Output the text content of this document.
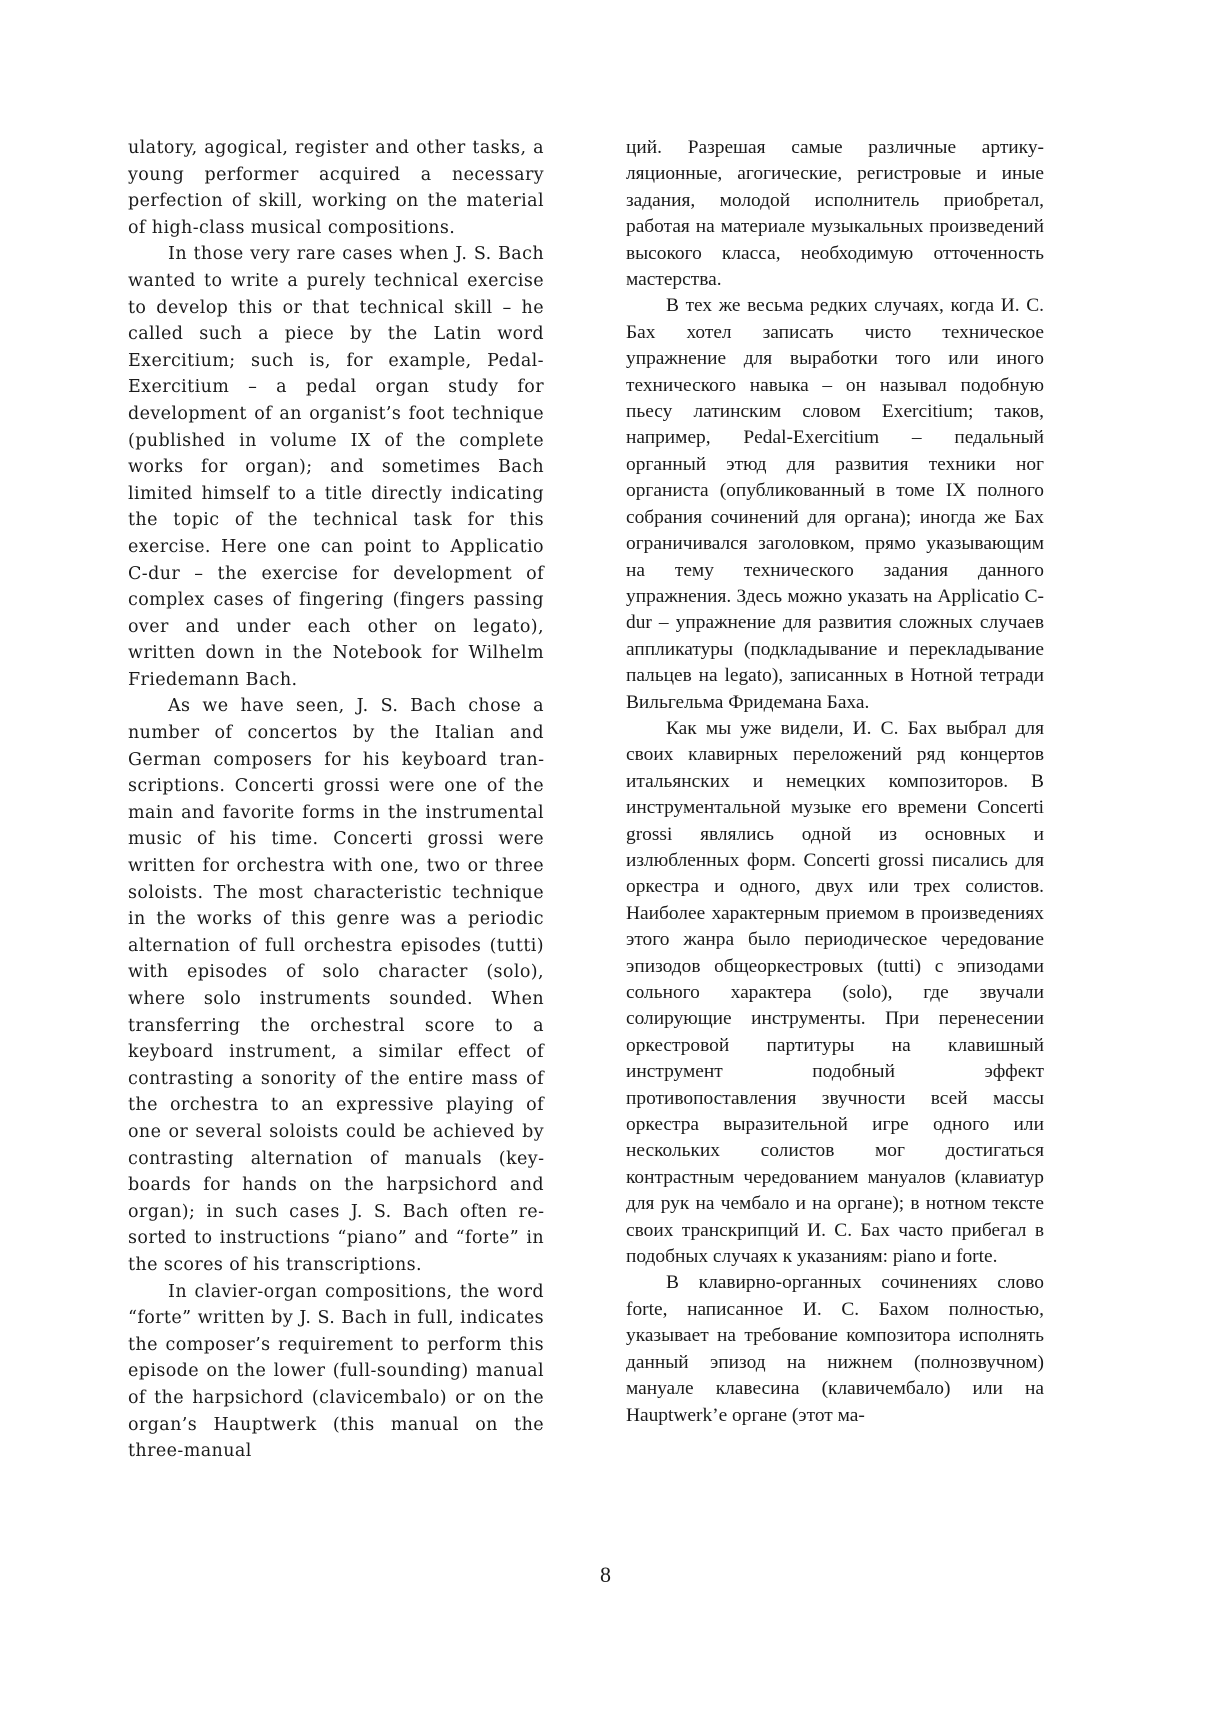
ulatory, agogical, register and other tasks, a young performer acquired a necessary perfection of skill, working on the material of high-class musical compositions.

In those very rare cases when J. S. Bach wanted to write a purely technical exercise to develop this or that technical skill – he called such a piece by the Latin word Exercitium; such is, for example, Pedal-Exercitium – a pedal organ study for development of an organist’s foot technique (published in volume IX of the complete works for organ); and sometimes Bach limited himself to a title directly indicating the topic of the technical task for this exercise. Here one can point to Applicatio C-dur – the exercise for development of complex cases of fingering (fingers passing over and under each other on legato), written down in the Notebook for Wilhelm Friedemann Bach.

As we have seen, J. S. Bach chose a number of concertos by the Italian and German composers for his keyboard transcriptions. Concerti grossi were one of the main and favorite forms in the instrumental music of his time. Concerti grossi were written for orchestra with one, two or three soloists. The most characteristic technique in the works of this genre was a periodic alternation of full orchestra episodes (tutti) with episodes of solo character (solo), where solo instruments sounded. When transferring the orchestral score to a keyboard instrument, a similar effect of contrasting a sonority of the entire mass of the orchestra to an expressive playing of one or several soloists could be achieved by contrasting alternation of manuals (keyboards for hands on the harpsichord and organ); in such cases J. S. Bach often resorted to instructions “piano” and “forte” in the scores of his transcriptions.

In clavier-organ compositions, the word “forte” written by J. S. Bach in full, indicates the composer’s requirement to perform this episode on the lower (full-sounding) manual of the harpsichord (clavicembalo) or on the organ’s Hauptwerk (this manual on the three-manual

ций. Разрешая самые различные артикуляционные, агогические, регистровые и иные задания, молодой исполнитель приобретал, работая на материале музыкальных произведений высокого класса, необходимую отточенность мастерства.

В тех же весьма редких случаях, когда И. С. Бах хотел записать чисто техническое упражнение для выработки того или иного технического навыка – он называл подобную пьесу латинским словом Exercitium; таков, например, Pedal-Exercitium – педальный органный этюд для развития техники ног органиста (опубликованный в томе IX полного собрания сочинений для органа); иногда же Бах ограничивался заголовком, прямо указывающим на тему технического задания данного упражнения. Здесь можно указать на Applicatio C-dur – упражнение для развития сложных случаев аппликатуры (подкладывание и перекладывание пальцев на legato), записанных в Нотной тетради Вильгельма Фридемана Баха.

Как мы уже видели, И. С. Бах выбрал для своих клавирных переложений ряд концертов итальянских и немецких композиторов. В инструментальной музыке его времени Concerti grossi являлись одной из основных и излюбленных форм. Concerti grossi писались для оркестра и одного, двух или трех солистов. Наиболее характерным приемом в произведениях этого жанра было периодическое чередование эпизодов общеоркестровых (tutti) с эпизодами сольного характера (solo), где звучали солирующие инструменты. При перенесении оркестровой партитуры на клавишный инструмент подобный эффект противопоставления звучности всей массы оркестра выразительной игре одного или нескольких солистов мог достигаться контрастным чередованием мануалов (клавиатур для рук на чембало и на органе); в нотном тексте своих транскрипций И. С. Бах часто прибегал в подобных случаях к указаниям: piano и forte.

В клавирно-органных сочинениях слово forte, написанное И. С. Бахом полностью, указывает на требование композитора исполнять данный эпизод на нижнем (полнозвучном) мануале клавесина (клавичембало) или на Hauptwerk’е органе (этот ма-

8
